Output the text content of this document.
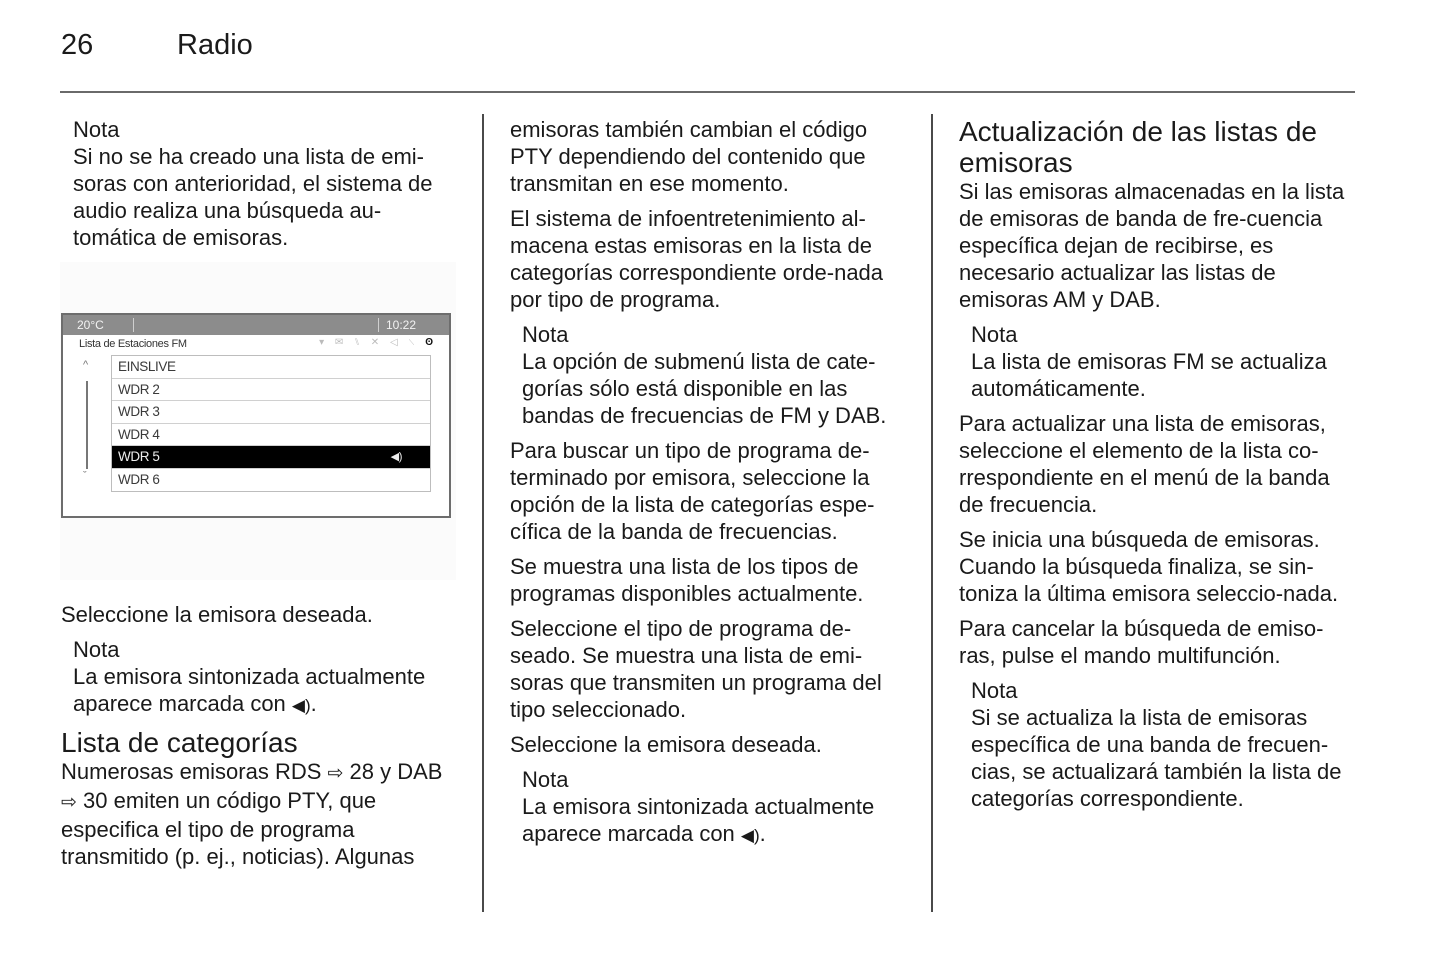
26	Radio
Nota
Si no se ha creado una lista de emi-soras con anterioridad, el sistema de audio realiza una búsqueda au-tomática de emisoras.
20°C	10:22
Lista de Estaciones FM	▾ ✉ ⑊ ✕ ◁ ⟍ ʘ
^
ˇ
EINSLIVE
WDR 2
WDR 3
WDR 4
WDR 5	◀)
WDR 6

Seleccione la emisora deseada.

Nota
La emisora sintonizada actualmente aparece marcada con ◀).
Lista de categorías

Numerosas emisoras RDS ⇨ 28 y DAB ⇨ 30 emiten un código PTY, que especifica el tipo de programa transmitido (p. ej., noticias). Algunas

emisoras también cambian el código PTY dependiendo del contenido que transmitan en ese momento.

El sistema de infoentretenimiento al-macena estas emisoras en la lista de categorías correspondiente orde-nada por tipo de programa.

Nota
La opción de submenú lista de cate-gorías sólo está disponible en las bandas de frecuencias de FM y DAB.

Para buscar un tipo de programa de-terminado por emisora, seleccione la opción de la lista de categorías espe-cífica de la banda de frecuencias.

Se muestra una lista de los tipos de programas disponibles actualmente.

Seleccione el tipo de programa de-seado. Se muestra una lista de emi-soras que transmiten un programa del tipo seleccionado.

Seleccione la emisora deseada.

Nota
La emisora sintonizada actualmente aparece marcada con ◀).
Actualización de las listas de emisoras

Si las emisoras almacenadas en la lista de emisoras de banda de fre-cuencia específica dejan de recibirse, es necesario actualizar las listas de emisoras AM y DAB.

Nota
La lista de emisoras FM se actualiza automáticamente.

Para actualizar una lista de emisoras, seleccione el elemento de la lista co-rrespondiente en el menú de la banda de frecuencia.

Se inicia una búsqueda de emisoras. Cuando la búsqueda finaliza, se sin-toniza la última emisora seleccio-nada.

Para cancelar la búsqueda de emiso-ras, pulse el mando multifunción.

Nota
Si se actualiza la lista de emisoras específica de una banda de frecuen-cias, se actualizará también la lista de categorías correspondiente.
